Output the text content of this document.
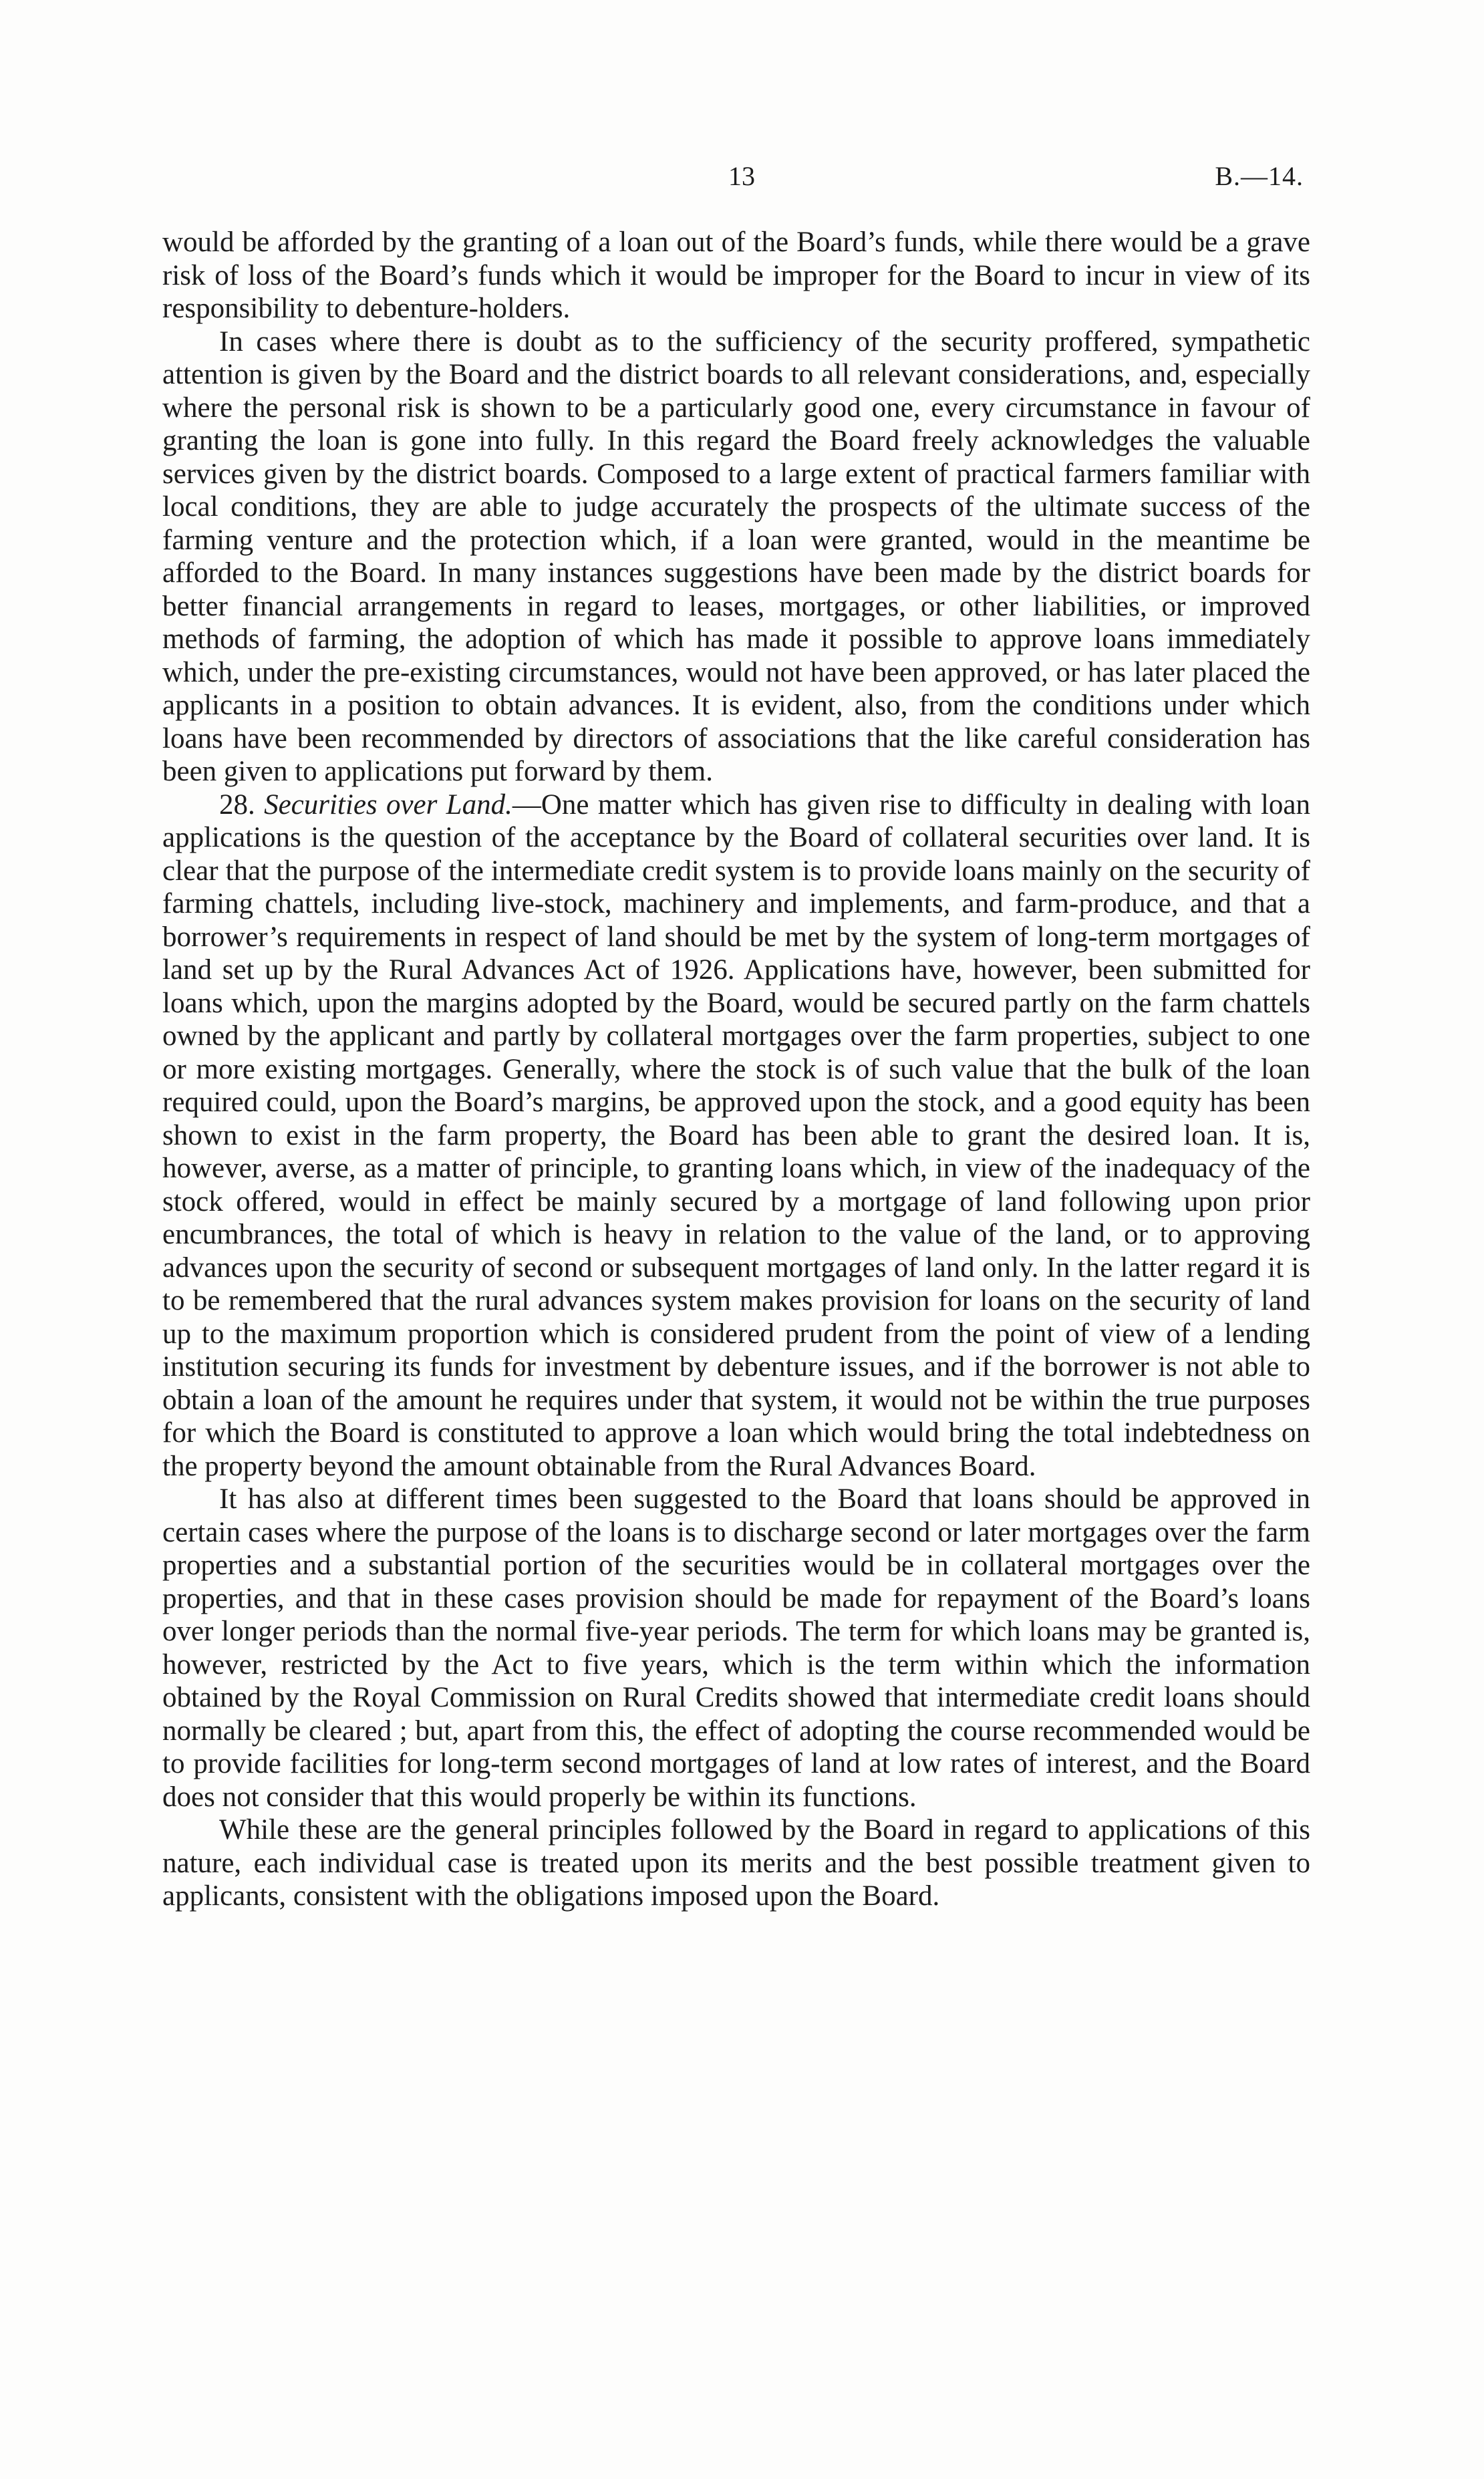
13	B.—14.

would be afforded by the granting of a loan out of the Board’s funds, while there would be a grave risk of loss of the Board’s funds which it would be improper for the Board to incur in view of its responsibility to debenture-holders.

In cases where there is doubt as to the sufficiency of the security proffered, sympathetic attention is given by the Board and the district boards to all relevant considerations, and, especially where the personal risk is shown to be a particularly good one, every circumstance in favour of granting the loan is gone into fully. In this regard the Board freely acknowledges the valuable services given by the district boards. Composed to a large extent of practical farmers familiar with local conditions, they are able to judge accurately the prospects of the ultimate success of the farming venture and the protection which, if a loan were granted, would in the meantime be afforded to the Board. In many instances suggestions have been made by the district boards for better financial arrangements in regard to leases, mortgages, or other liabilities, or improved methods of farming, the adoption of which has made it possible to approve loans immediately which, under the pre-existing circumstances, would not have been approved, or has later placed the applicants in a position to obtain advances. It is evident, also, from the conditions under which loans have been recommended by directors of associations that the like careful consideration has been given to applications put forward by them.

28. Securities over Land.—One matter which has given rise to difficulty in dealing with loan applications is the question of the acceptance by the Board of collateral securities over land. It is clear that the purpose of the intermediate credit system is to provide loans mainly on the security of farming chattels, including live-stock, machinery and implements, and farm-produce, and that a borrower’s requirements in respect of land should be met by the system of long-term mortgages of land set up by the Rural Advances Act of 1926. Applications have, however, been submitted for loans which, upon the margins adopted by the Board, would be secured partly on the farm chattels owned by the applicant and partly by collateral mortgages over the farm properties, subject to one or more existing mortgages. Generally, where the stock is of such value that the bulk of the loan required could, upon the Board’s margins, be approved upon the stock, and a good equity has been shown to exist in the farm property, the Board has been able to grant the desired loan. It is, however, averse, as a matter of principle, to granting loans which, in view of the inadequacy of the stock offered, would in effect be mainly secured by a mortgage of land following upon prior encumbrances, the total of which is heavy in relation to the value of the land, or to approving advances upon the security of second or subsequent mortgages of land only. In the latter regard it is to be remembered that the rural advances system makes provision for loans on the security of land up to the maximum proportion which is considered prudent from the point of view of a lending institution securing its funds for investment by debenture issues, and if the borrower is not able to obtain a loan of the amount he requires under that system, it would not be within the true purposes for which the Board is constituted to approve a loan which would bring the total indebtedness on the property beyond the amount obtainable from the Rural Advances Board.

It has also at different times been suggested to the Board that loans should be approved in certain cases where the purpose of the loans is to discharge second or later mortgages over the farm properties and a substantial portion of the securities would be in collateral mortgages over the properties, and that in these cases provision should be made for repayment of the Board’s loans over longer periods than the normal five-year periods. The term for which loans may be granted is, however, restricted by the Act to five years, which is the term within which the information obtained by the Royal Commission on Rural Credits showed that intermediate credit loans should normally be cleared ; but, apart from this, the effect of adopting the course recommended would be to provide facilities for long-term second mortgages of land at low rates of interest, and the Board does not consider that this would properly be within its functions.

While these are the general principles followed by the Board in regard to applications of this nature, each individual case is treated upon its merits and the best possible treatment given to applicants, consistent with the obligations imposed upon the Board.
